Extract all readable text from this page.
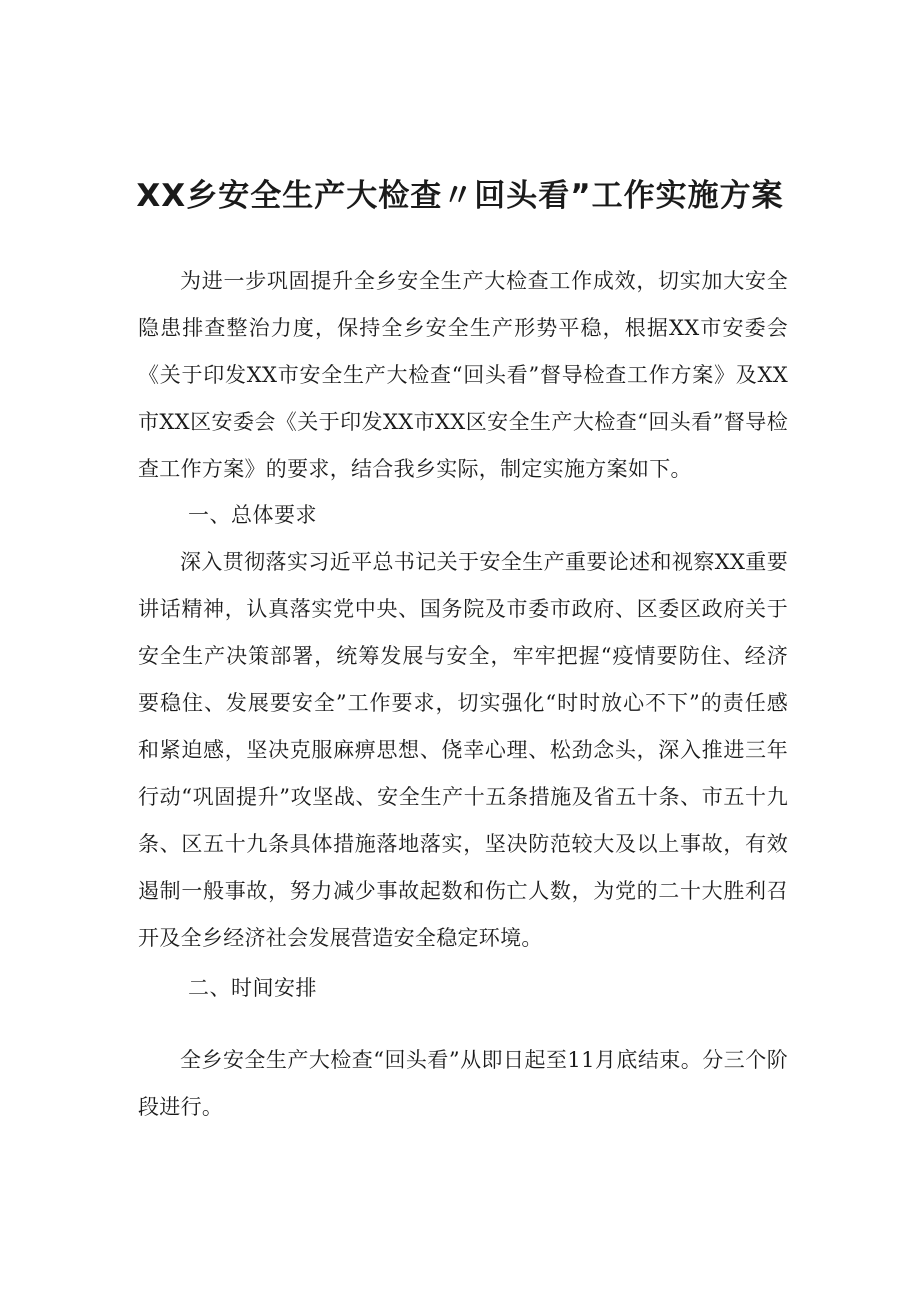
XX乡安全生产大检查〃回头看”工作实施方案

为进一步巩固提升全乡安全生产大检查工作成效，切实加大安全隐患排查整治力度，保持全乡安全生产形势平稳，根据XX市安委会《关于印发XX市安全生产大检查“回头看”督导检查工作方案》及XX市XX区安委会《关于印发XX市XX区安全生产大检查“回头看”督导检查工作方案》的要求，结合我乡实际，制定实施方案如下。

一、总体要求

深入贯彻落实习近平总书记关于安全生产重要论述和视察XX重要讲话精神，认真落实党中央、国务院及市委市政府、区委区政府关于安全生产决策部署，统筹发展与安全，牢牢把握“疫情要防住、经济要稳住、发展要安全”工作要求，切实强化“时时放心不下”的责任感和紧迫感，坚决克服麻痹思想、侥幸心理、松劲念头，深入推进三年行动“巩固提升”攻坚战、安全生产十五条措施及省五十条、市五十九条、区五十九条具体措施落地落实，坚决防范较大及以上事故，有效遏制一般事故，努力减少事故起数和伤亡人数，为党的二十大胜利召开及全乡经济社会发展营造安全稳定环境。

二、时间安排

全乡安全生产大检查“回头看”从即日起至11月底结束。分三个阶段进行。
